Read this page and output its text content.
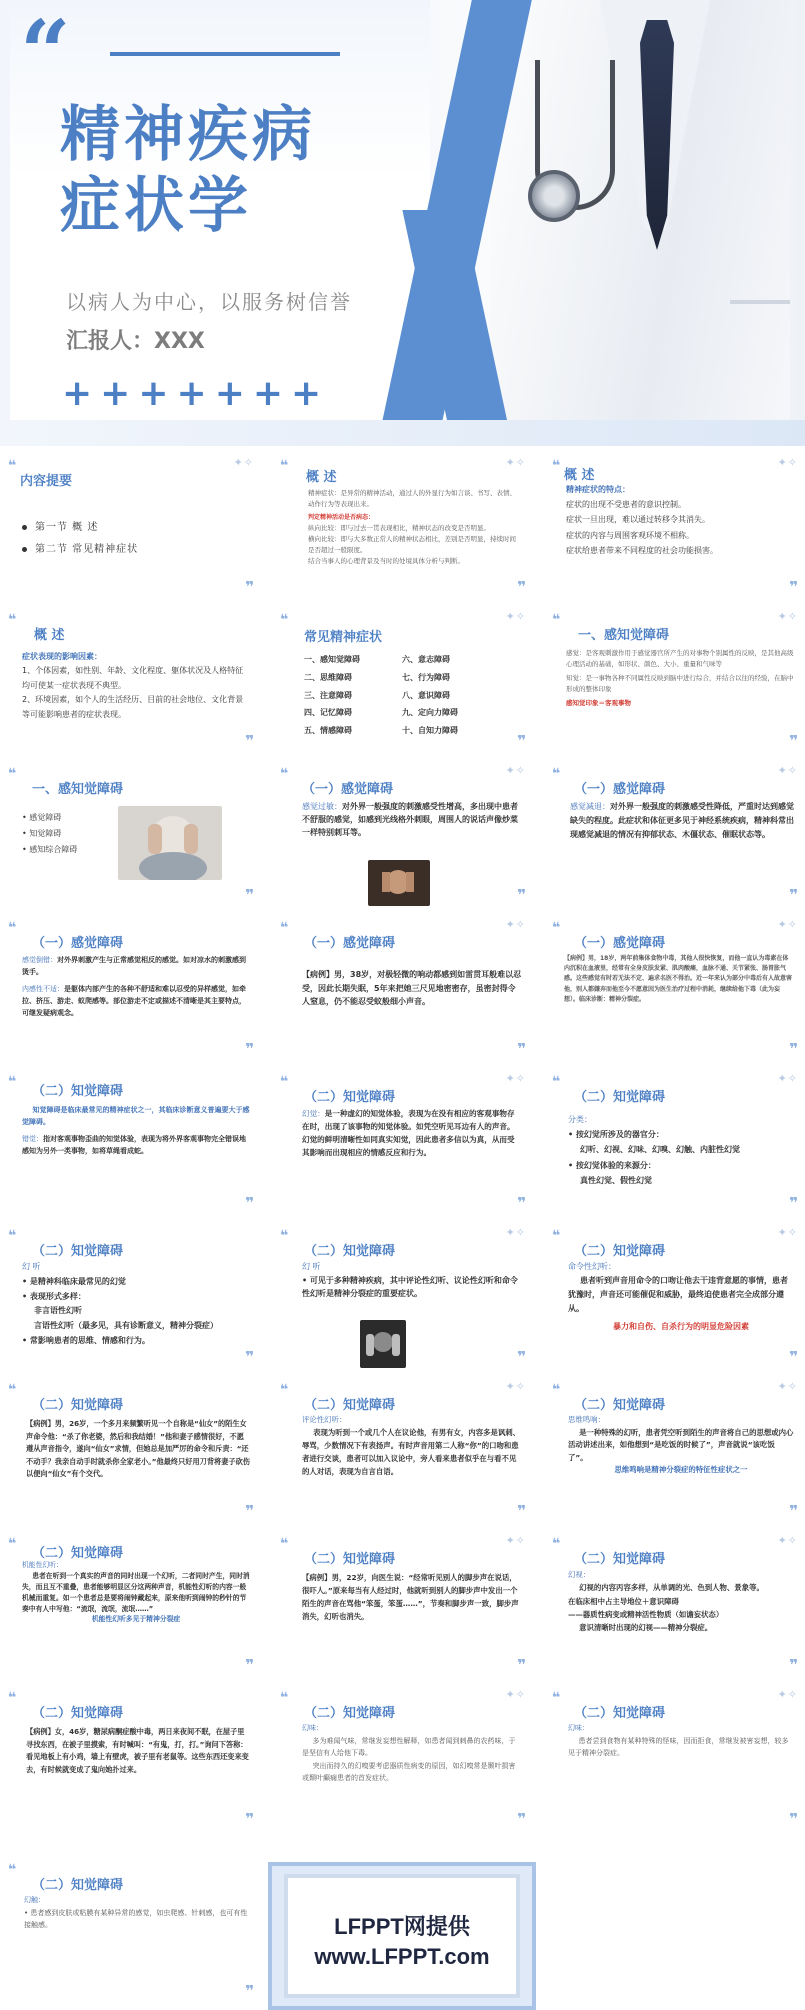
“
精神疾病
症状学
以病人为中心，以服务树信誉
汇报人：XXX
+ + + + + + +
❝	✦✧
❞
内容提要
第一节 概 述
第二节 常见精神症状
❝	✦✧
❞
概 述

精神症状：是异常的精神活动，通过人的外显行为如言谈、书写、表情、动作行为等表现出来。

判定精神活动是否病态：

纵向比较：即与过去一贯表现相比，精神状态的改变是否明显。

横向比较：即与大多数正常人的精神状态相比，差别是否明显，持续时间是否超过一般限度。

结合当事人的心理背景及当时的处境具体分析与判断。

❝	✦✧
❞
概 述

精神症状的特点：

症状的出现不受患者的意识控制。

症状一旦出现，难以通过转移令其消失。

症状的内容与周围客观环境不相称。

症状给患者带来不同程度的社会功能损害。

❝
❞
概 述

症状表现的影响因素：

1、个体因素，如性别、年龄、文化程度、躯体状况及人格特征均可使某一症状表现不典型。

2、环境因素，如个人的生活经历、目前的社会地位、文化背景等可能影响患者的症状表现。

❝	✦✧
❞
常见精神症状
一、感知觉障碍	六、意志障碍
二、思维障碍	七、行为障碍
三、注意障碍	八、意识障碍
四、记忆障碍	九、定向力障碍
五、情感障碍	十、自知力障碍
❝	✦✧
❞
一、感知觉障碍

感觉：是客观刺激作用于感觉器官所产生的对事物个别属性的反映，是其他高级心理活动的基础，如形状、颜色、大小、重量和气味等

知觉：是一事物各种不同属性反映到脑中进行综合，并结合以往的经验，在脑中形成的整体印象

感知觉印象＝客观事物

❝
❞
一、感知觉障碍

• 感觉障碍

• 知觉障碍

• 感知综合障碍

❝	✦✧
❞
（一）感觉障碍

感觉过敏：对外界一般强度的刺激感受性增高，多出现中患者不舒服的感觉，如感到光线格外刺眼，周围人的说话声像炒菜一样特别刺耳等。

❝	✦✧
❞
（一）感觉障碍

感觉减退：对外界一般强度的刺激感受性降低，严重时达到感觉缺失的程度。此症状和体征更多见于神经系统疾病，精神科常出现感觉减退的情况有抑郁状态、木僵状态、催眠状态等。

❝
❞
（一）感觉障碍

感觉倒错：对外界刺激产生与正常感觉相反的感觉。如对凉水的刺激感到烫手。

内感性不适：是躯体内部产生的各种不舒适和难以忍受的异样感觉，如牵拉、挤压、游走、蚁爬感等。部位游走不定或描述不清晰是其主要特点，可继发疑病观念。

❝	✦✧
❞
（一）感觉障碍

【病例】男，38岁，对极轻微的响动都感到如雷贯耳般难以忍受，因此长期失眠，5年来把她三尺见地密密存，虽密封得令人窒息，仍不能忍受蚊般细小声音。

❝	✦✧
❞
（一）感觉障碍

【病例】男，18岁，两年前集体食物中毒，其他人很快恢复，而他一直认为毒素在体内沉积在血液里，经常有全身皮肤发紧、肌肉酸痛，血脉不通、关节紧张、肠胃胀气感。这些感觉有时若无法不定、遍求名医不得治。近一年来认为部分中毒后有人故意害他，别人都嫌弃而他至今不愿意因为医生治疗过程中消耗，继续给他下毒（此为妄想）。临床诊断：精神分裂症。

❝
❞
（二）知觉障碍

知觉障碍是临床最常见的精神症状之一，其临床诊断意义普遍要大于感觉障碍。

错觉：指对客观事物歪曲的知觉体验，表现为将外界客观事物完全错误地感知为另外一类事物，如将草绳看成蛇。

❝	✦✧
❞
（二）知觉障碍

幻觉：是一种虚幻的知觉体验，表现为在没有相应的客观事物存在时，出现了该事物的知觉体验。如凭空听见耳边有人的声音。幻觉的鲜明清晰性如同真实知觉，因此患者多信以为真，从而受其影响而出现相应的情感反应和行为。

❝	✦✧
❞
（二）知觉障碍

分类：

• 按幻觉所涉及的器官分：

幻听、幻视、幻味、幻嗅、幻触、内脏性幻觉

• 按幻觉体验的来源分：

真性幻觉、假性幻觉

❝
❞
（二）知觉障碍

幻 听

• 是精神科临床最常见的幻觉

• 表现形式多样：

非言语性幻听

言语性幻听（最多见，具有诊断意义，精神分裂症）

• 常影响患者的思维、情感和行为。

❝	✦✧
❞
（二）知觉障碍

幻 听

• 可见于多种精神疾病，其中评论性幻听、议论性幻听和命令性幻听是精神分裂症的重要症状。

❝	✦✧
❞
（二）知觉障碍

命令性幻听：

患者听到声音用命令的口吻让他去干违背意愿的事情，患者犹豫时，声音还可能催促和威胁，最终迫使患者完全成部分遵从。

暴力和自伤、自杀行为的明显危险因素

❝
❞
（二）知觉障碍

【病例】男，26岁，一个多月来频繁听见一个自称是“仙女”的陌生女声命令他：“杀了你老婆，然后和我结婚！”他和妻子感情很好，不愿遵从声音指令，遂向“仙女”求情，但她总是加严厉的命令和斥责：“还不动手？我亲自动手时就杀你全家老小。”他最终只好用刀背将妻子砍伤以便向“仙女”有个交代。

❝	✦✧
❞
（二）知觉障碍

评论性幻听：

表现为听到一个或几个人在议论他，有男有女，内容多是讽刺、辱骂，少数情况下有表扬声。有时声音用第二人称“你”的口吻和患者进行交谈，患者可以加入议论中，旁人看来患者似乎在与看不见的人对话，表现为自言自语。

❝	✦✧
❞
（二）知觉障碍

思维鸣响：

是一种特殊的幻听，患者凭空听到陌生的声音将自己的思想或内心活动讲述出来，如他想到“是吃饭的时候了”，声音就说“该吃饭了”。

思维鸣响是精神分裂症的特征性症状之一

❝
❞
（二）知觉障碍

机能性幻听：

患者在听到一个真实的声音的同时出现一个幻听，二者同时产生，同时消失，而且互不重叠，患者能够明显区分这两种声音，机能性幻听的内容一般机械而重复。如一个患者总是要将闹钟藏起来，原来他听到闹钟的秒针的节奏中有人中写他：“流氓，流氓，流氓……”

机能性幻听多见于精神分裂症

❝	✦✧
❞
（二）知觉障碍

【病例】男，22岁，向医生说：“经常听见别人的脚步声在说话，很吓人。”原来每当有人经过时，他就听到别人的脚步声中发出一个陌生的声音在骂他“笨蛋，笨蛋……”，节奏和脚步声一致，脚步声消失，幻听也消失。

❝	✦✧
❞
（二）知觉障碍

幻视：

幻视的内容丙容多样，从单调的光、色到人物、景象等。

在临床相中占主导地位＋意识障碍

——器质性病变或精神活性物质（如谵妄状态）

意识清晰时出现的幻视——精神分裂症。

❝
❞
（二）知觉障碍

【病例】女，46岁，糖尿病酮症酸中毒，两日来夜间不眠，在屋子里寻找东西，在被子里摸索，有时喊叫：“有鬼，打，打。”询问下答称：看见地板上有小鸡，墙上有壁虎，被子里有老鼠等。这些东西还变来变去，有时候就变成了鬼向她扑过来。

❝	✦✧
❞
（二）知觉障碍

幻味：

多为难闻气味，常继发妄想性解释，如患者闻到刺鼻的农药味，于是坚信有人给他下毒。

突出而持久的幻嗅要考虑器质性病变的原因，如幻嗅常是颞叶损害或颞叶癫痫患者的首发症状。

❝	✦✧
❞
（二）知觉障碍

幻味：

患者尝到食物有某种特殊的怪味，因而拒食，常继发被害妄想，较多见于精神分裂症。

❝
❞
（二）知觉障碍

幻触：

• 患者感到皮肤或粘膜有某种异常的感觉，如虫爬感、针刺感，也可有性接触感。	LFPPT网提供
www.LFPPT.com
